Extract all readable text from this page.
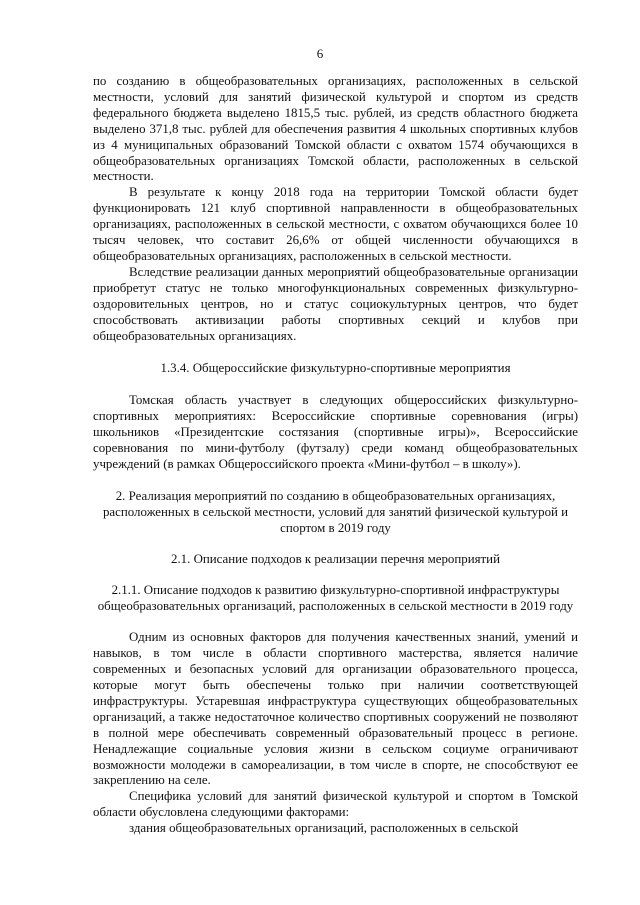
6

по созданию в общеобразовательных организациях, расположенных в сельской местности, условий для занятий физической культурой и спортом из средств федерального бюджета выделено 1815,5 тыс. рублей, из средств областного бюджета выделено 371,8 тыс. рублей для обеспечения развития 4 школьных спортивных клубов из 4 муниципальных образований Томской области с охватом 1574 обучающихся в общеобразовательных организациях Томской области, расположенных в сельской местности.

В результате к концу 2018 года на территории Томской области будет функционировать 121 клуб спортивной направленности в общеобразовательных организациях, расположенных в сельской местности, с охватом обучающихся более 10 тысяч человек, что составит 26,6% от общей численности обучающихся в общеобразовательных организациях, расположенных в сельской местности.

Вследствие реализации данных мероприятий общеобразовательные организации приобретут статус не только многофункциональных современных физкультурно-оздоровительных центров, но и статус социокультурных центров, что будет способствовать активизации работы спортивных секций и клубов при общеобразовательных организациях.

1.3.4. Общероссийские физкультурно-спортивные мероприятия

Томская область участвует в следующих общероссийских физкультурно-спортивных мероприятиях: Всероссийские спортивные соревнования (игры) школьников «Президентские состязания (спортивные игры)», Всероссийские соревнования по мини-футболу (футзалу) среди команд общеобразовательных учреждений (в рамках Общероссийского проекта «Мини-футбол – в школу»).

2. Реализация мероприятий по созданию в общеобразовательных организациях, расположенных в сельской местности, условий для занятий физической культурой и спортом в 2019 году

2.1. Описание подходов к реализации перечня мероприятий

2.1.1. Описание подходов к развитию физкультурно-спортивной инфраструктуры общеобразовательных организаций, расположенных в сельской местности в 2019 году

Одним из основных факторов для получения качественных знаний, умений и навыков, в том числе в области спортивного мастерства, является наличие современных и безопасных условий для организации образовательного процесса, которые могут быть обеспечены только при наличии соответствующей инфраструктуры. Устаревшая инфраструктура существующих общеобразовательных организаций, а также недостаточное количество спортивных сооружений не позволяют в полной мере обеспечивать современный образовательный процесс в регионе. Ненадлежащие социальные условия жизни в сельском социуме ограничивают возможности молодежи в самореализации, в том числе в спорте, не способствуют ее закреплению на селе.

Специфика условий для занятий физической культурой и спортом в Томской области обусловлена следующими факторами:

здания общеобразовательных организаций, расположенных в сельской
